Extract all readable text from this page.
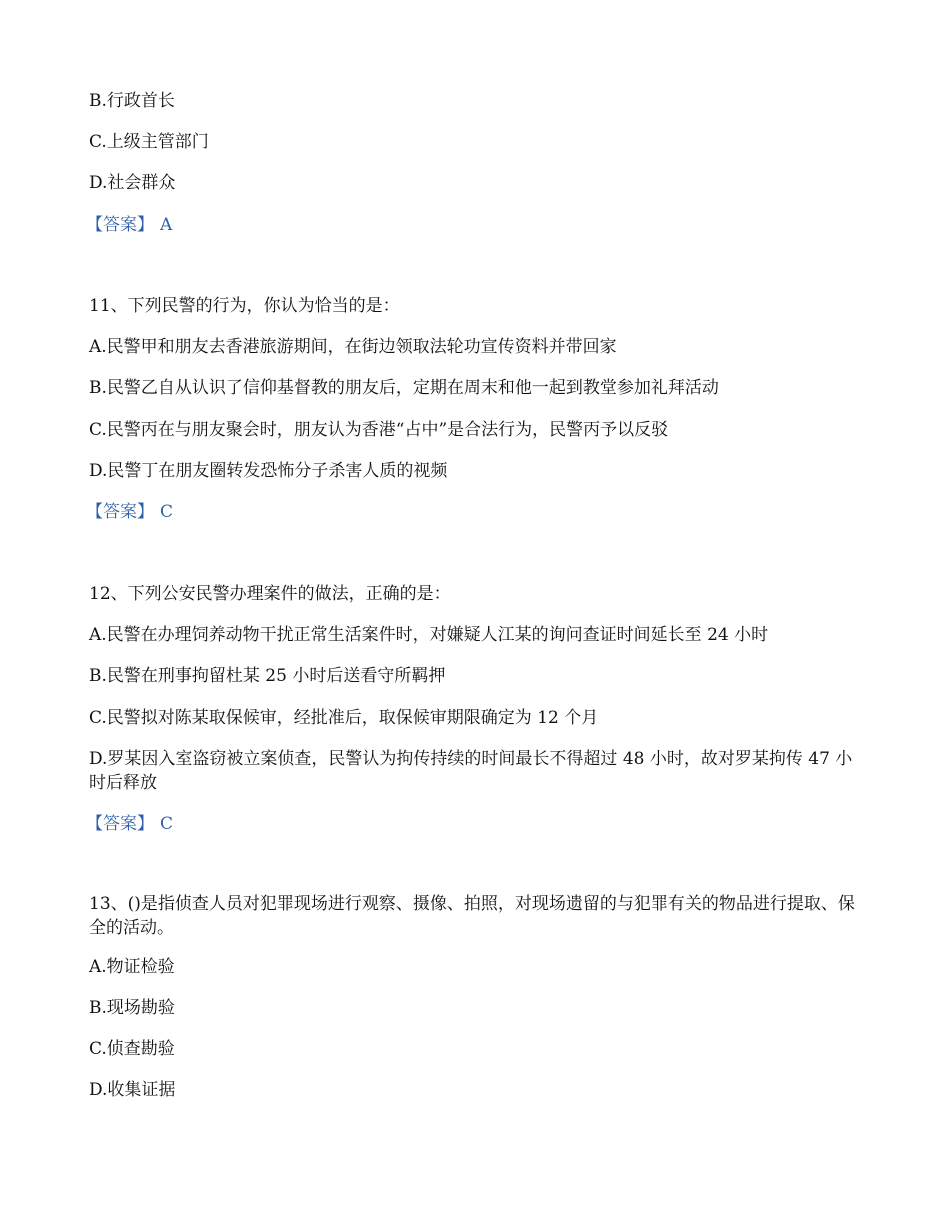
B.行政首长
C.上级主管部门
D.社会群众
【答案】 A
11、下列民警的行为，你认为恰当的是：
A.民警甲和朋友去香港旅游期间，在街边领取法轮功宣传资料并带回家
B.民警乙自从认识了信仰基督教的朋友后，定期在周末和他一起到教堂参加礼拜活动
C.民警丙在与朋友聚会时，朋友认为香港“占中”是合法行为，民警丙予以反驳
D.民警丁在朋友圈转发恐怖分子杀害人质的视频
【答案】 C
12、下列公安民警办理案件的做法，正确的是：
A.民警在办理饲养动物干扰正常生活案件时，对嫌疑人江某的询问查证时间延长至 24 小时
B.民警在刑事拘留杜某 25 小时后送看守所羁押
C.民警拟对陈某取保候审，经批准后，取保候审期限确定为 12 个月
D.罗某因入室盗窃被立案侦查，民警认为拘传持续的时间最长不得超过 48 小时，故对罗某拘传 47 小时后释放
【答案】 C
13、()是指侦查人员对犯罪现场进行观察、摄像、拍照，对现场遗留的与犯罪有关的物品进行提取、保全的活动。
A.物证检验
B.现场勘验
C.侦查勘验
D.收集证据
